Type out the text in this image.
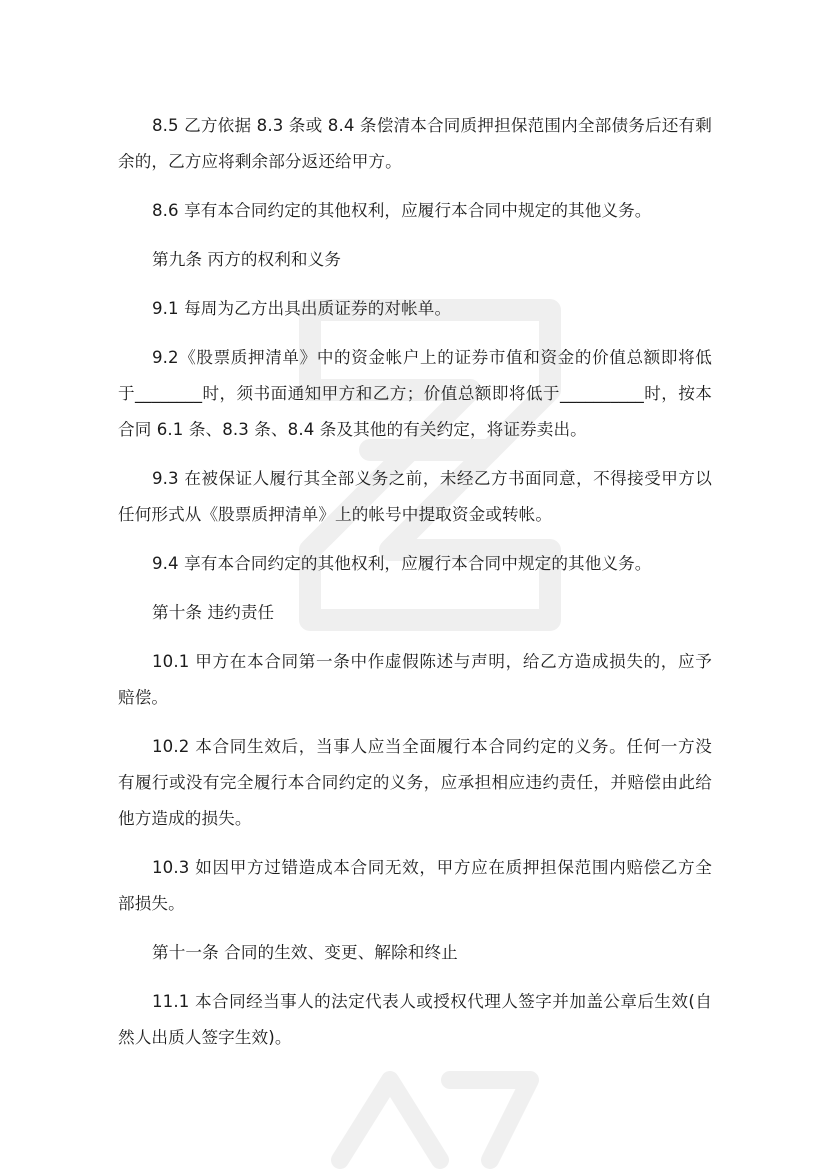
8.5 乙方依据 8.3 条或 8.4 条偿清本合同质押担保范围内全部债务后还有剩余的，乙方应将剩余部分返还给甲方。

8.6 享有本合同约定的其他权利，应履行本合同中规定的其他义务。

第九条 丙方的权利和义务

9.1 每周为乙方出具出质证券的对帐单。

9.2《股票质押清单》中的资金帐户上的证券市值和资金的价值总额即将低于________时，须书面通知甲方和乙方；价值总额即将低于__________时，按本合同 6.1 条、8.3 条、8.4 条及其他的有关约定，将证券卖出。

9.3 在被保证人履行其全部义务之前，未经乙方书面同意，不得接受甲方以任何形式从《股票质押清单》上的帐号中提取资金或转帐。

9.4 享有本合同约定的其他权利，应履行本合同中规定的其他义务。

第十条 违约责任

10.1 甲方在本合同第一条中作虚假陈述与声明，给乙方造成损失的，应予赔偿。

10.2 本合同生效后，当事人应当全面履行本合同约定的义务。任何一方没有履行或没有完全履行本合同约定的义务，应承担相应违约责任，并赔偿由此给他方造成的损失。

10.3 如因甲方过错造成本合同无效，甲方应在质押担保范围内赔偿乙方全部损失。

第十一条 合同的生效、变更、解除和终止

11.1 本合同经当事人的法定代表人或授权代理人签字并加盖公章后生效(自然人出质人签字生效)。
